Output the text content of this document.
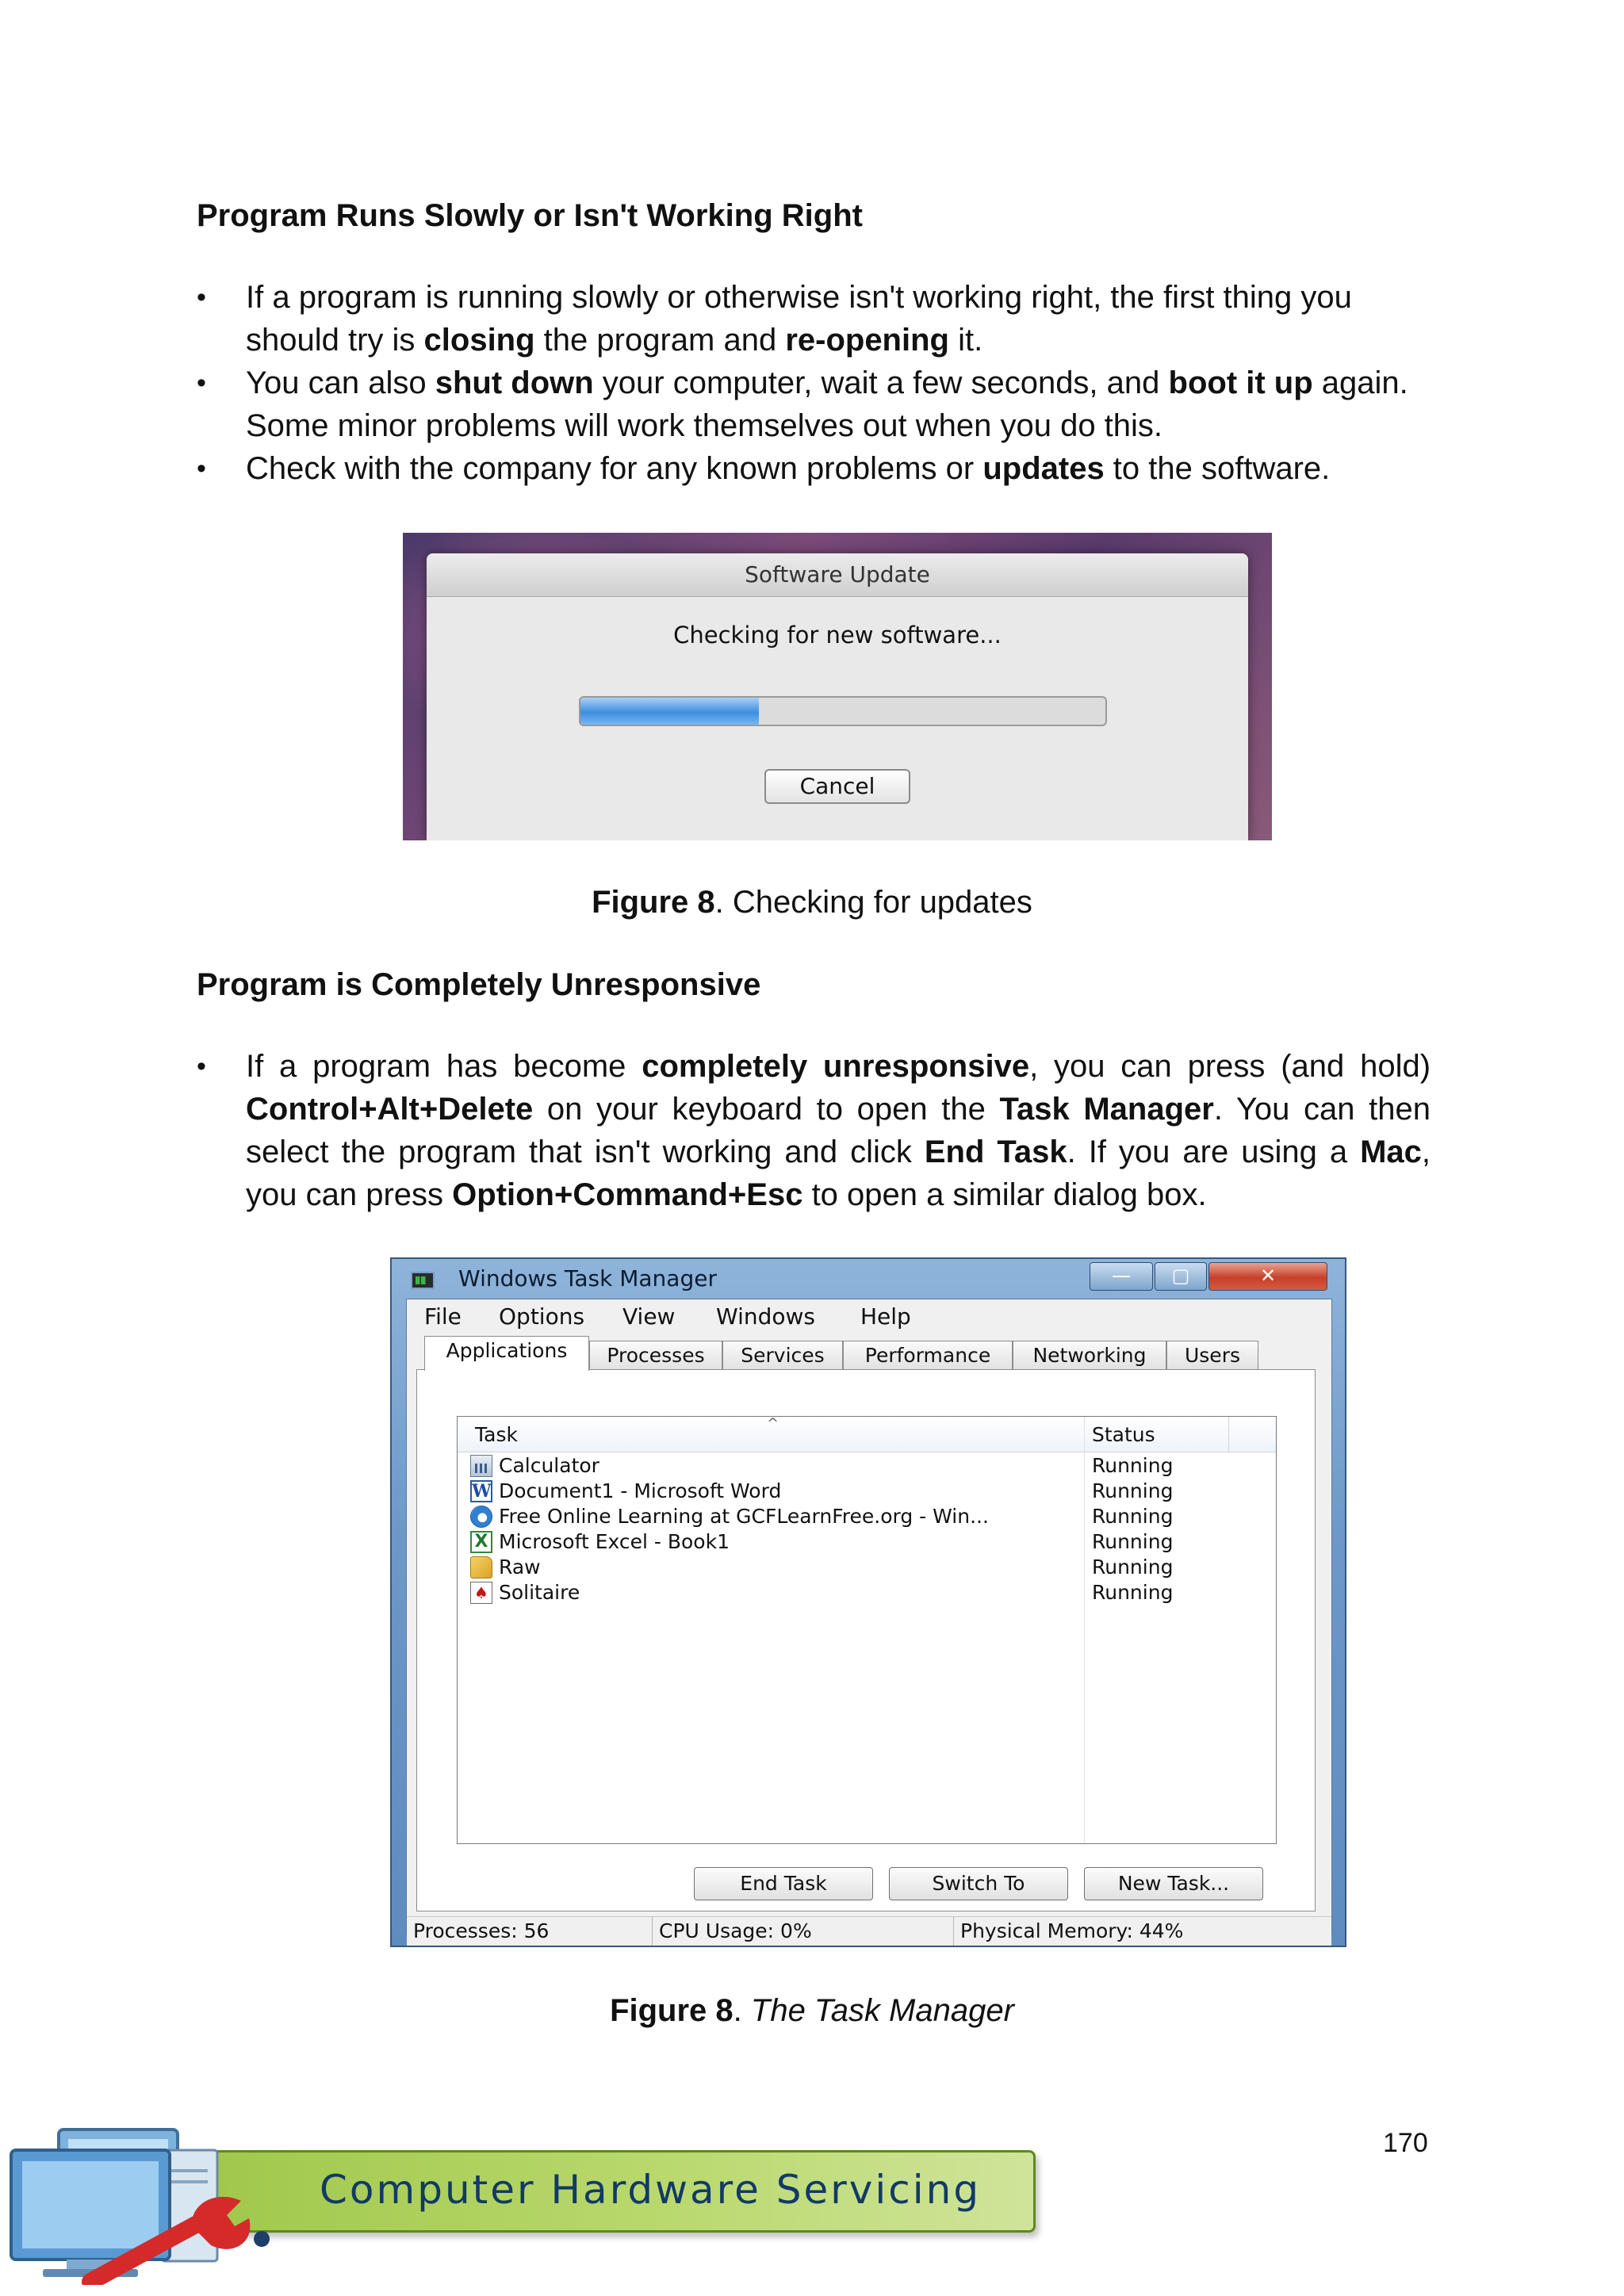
Program Runs Slowly or Isn't Working Right
• If a program is running slowly or otherwise isn't working right, the first thing you should try is closing the program and re-opening it.
• You can also shut down your computer, wait a few seconds, and boot it up again. Some minor problems will work themselves out when you do this.
• Check with the company for any known problems or updates to the software.
Software Update
Checking for new software...
Cancel
Figure 8. Checking for updates
Program is Completely Unresponsive
• If a program has become completely unresponsive, you can press (and hold) Control+Alt+Delete on your keyboard to open the Task Manager. You can then select the program that isn't working and click End Task. If you are using a Mac, you can press Option+Command+Esc to open a similar dialog box.
Windows Task Manager	—	▢	✕
File Options View Windows Help
Applications	Processes	Services	Performance	Networking	Users
Task	^	Status
Calculator	Running
W Document1 - Microsoft Word	Running
Free Online Learning at GCFLearnFree.org - Win...	Running
X Microsoft Excel - Book1	Running
Raw	Running
♠ Solitaire	Running
End Task	Switch To	New Task...
Processes: 56	CPU Usage: 0%	Physical Memory: 44%
Figure 8. The Task Manager
170
Computer Hardware Servicing
